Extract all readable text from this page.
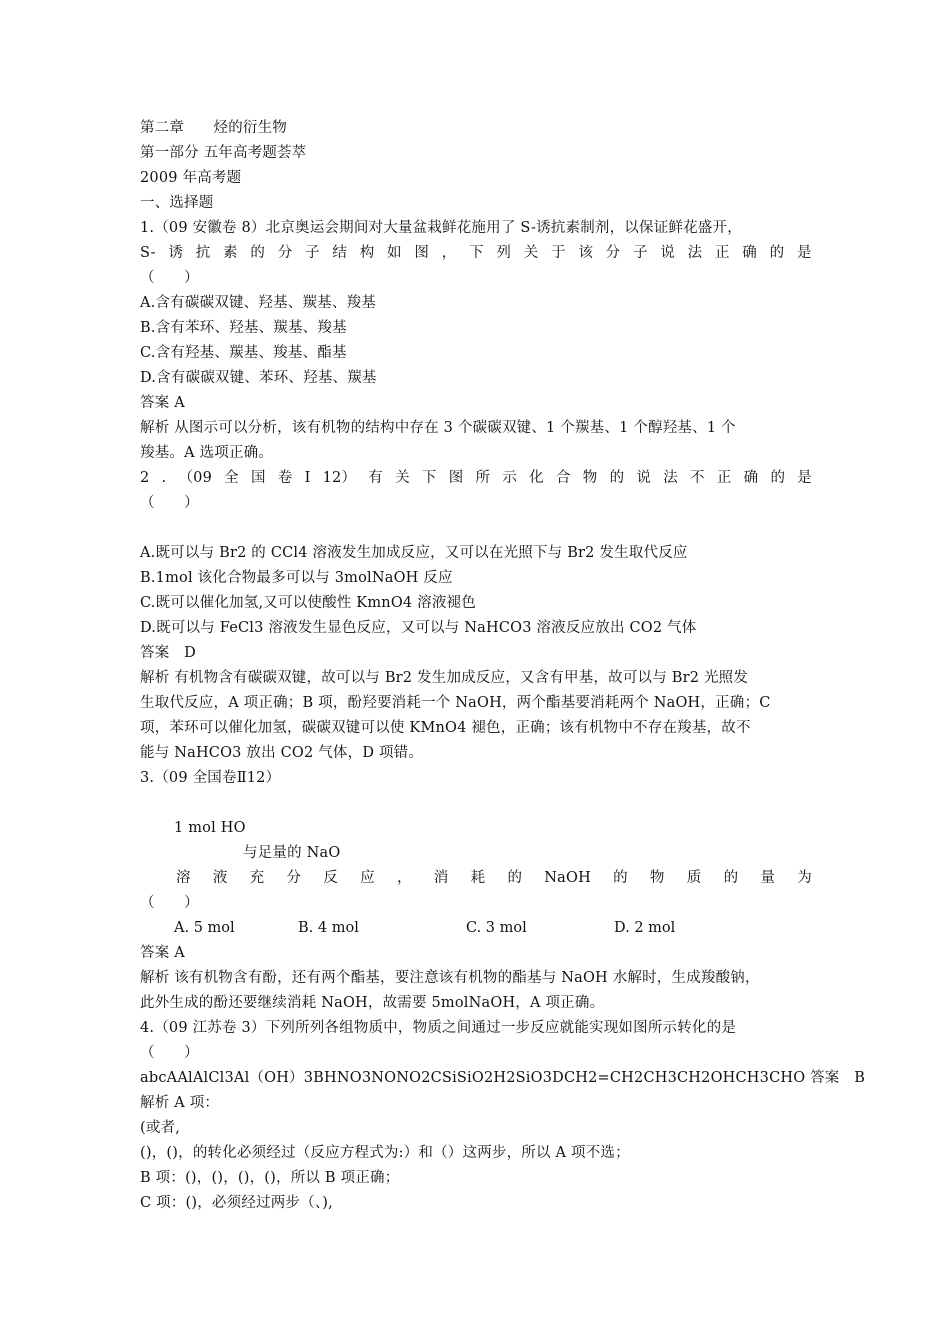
第二章　　烃的衍生物
第一部分 五年高考题荟萃
2009 年高考题
一、选择题
1.（09 安徽卷 8）北京奥运会期间对大量盆栽鲜花施用了 S-诱抗素制剂，以保证鲜花盛开，
S- 诱 抗 素 的 分 子 结 构 如 图 ， 下 列 关 于 该 分 子 说 法 正 确 的 是
（　　）
A.含有碳碳双键、羟基、羰基、羧基
B.含有苯环、羟基、羰基、羧基
C.含有羟基、羰基、羧基、酯基
D.含有碳碳双键、苯环、羟基、羰基
答案 A
解析 从图示可以分析，该有机物的结构中存在 3 个碳碳双键、1 个羰基、1 个醇羟基、1 个
羧基。A 选项正确。
2 . （09 全 国 卷 Ⅰ 12） 有 关 下 图 所 示 化 合 物 的 说 法 不 正 确 的 是
（　　）
A.既可以与 Br2 的 CCl4 溶液发生加成反应，又可以在光照下与 Br2 发生取代反应
B.1mol 该化合物最多可以与 3molNaOH 反应
C.既可以催化加氢,又可以使酸性 KmnO4 溶液褪色
D.既可以与 FeCl3 溶液发生显色反应，又可以与 NaHCO3 溶液反应放出 CO2 气体
答案　D
解析 有机物含有碳碳双键，故可以与 Br2 发生加成反应，又含有甲基，故可以与 Br2 光照发
生取代反应，A 项正确；B 项，酚羟要消耗一个 NaOH，两个酯基要消耗两个 NaOH，正确；C
项，苯环可以催化加氢，碳碳双键可以使 KMnO4 褪色，正确；该有机物中不存在羧基，故不
能与 NaHCO3 放出 CO2 气体，D 项错。
3.（09 全国卷Ⅱ12）
1 mol HO
与足量的 NaO
溶 液 充 分 反 应 ， 消 耗 的 NaOH 的 物 质 的 量 为
（　　）
A. 5 mol	B. 4 mol	C. 3 mol	D. 2 mol
答案 A
解析 该有机物含有酚，还有两个酯基，要注意该有机物的酯基与 NaOH 水解时，生成羧酸钠，
此外生成的酚还要继续消耗 NaOH，故需要 5molNaOH，A 项正确。
4.（09 江苏卷 3）下列所列各组物质中，物质之间通过一步反应就能实现如图所示转化的是
（　　）
abcAAlAlCl3Al（OH）3BHNO3NONO2CSiSiO2H2SiO3DCH2=CH2CH3CH2OHCH3CHO 答案　B
解析 A 项：
(或者,
()，()，的转化必须经过（反应方程式为:）和（）这两步，所以 A 项不选；
B 项：()，()，()，()，所以 B 项正确；
C 项：()，必须经过两步（、),
